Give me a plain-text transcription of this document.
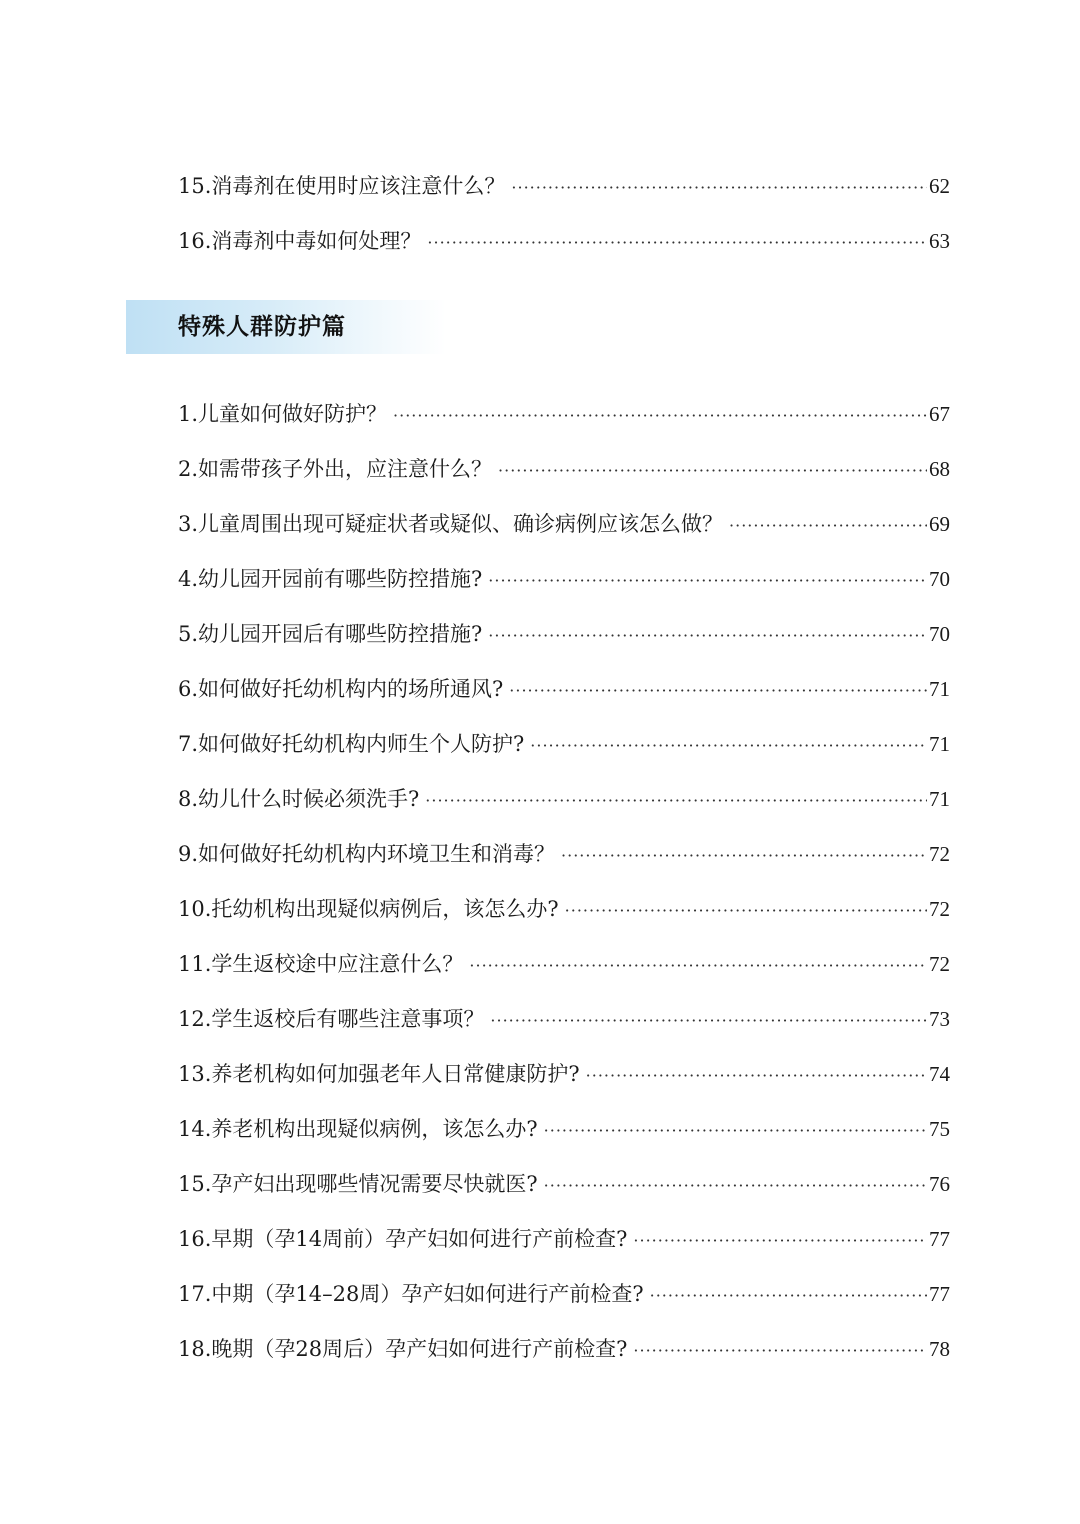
15.消毒剂在使用时应该注意什么？ ·····	62
16.消毒剂中毒如何处理？ ·····	63
特殊人群防护篇
1.儿童如何做好防护？ ·····	67
2.如需带孩子外出，应注意什么？ ·····	68
3.儿童周围出现可疑症状者或疑似、确诊病例应该怎么做？ ·····	69
4.幼儿园开园前有哪些防控措施? ·····	70
5.幼儿园开园后有哪些防控措施? ·····	70
6.如何做好托幼机构内的场所通风? ·····	71
7.如何做好托幼机构内师生个人防护? ·····	71
8.幼儿什么时候必须洗手? ·····	71
9.如何做好托幼机构内环境卫生和消毒？ ·····	72
10.托幼机构出现疑似病例后，该怎么办? ·····	72
11.学生返校途中应注意什么？ ·····	72
12.学生返校后有哪些注意事项？ ·····	73
13.养老机构如何加强老年人日常健康防护? ·····	74
14.养老机构出现疑似病例，该怎么办? ·····	75
15.孕产妇出现哪些情况需要尽快就医? ·····	76
16.早期（孕14周前）孕产妇如何进行产前检查? ·····	77
17.中期（孕14–28周）孕产妇如何进行产前检查? ·····	77
18.晚期（孕28周后）孕产妇如何进行产前检查? ·····	78
